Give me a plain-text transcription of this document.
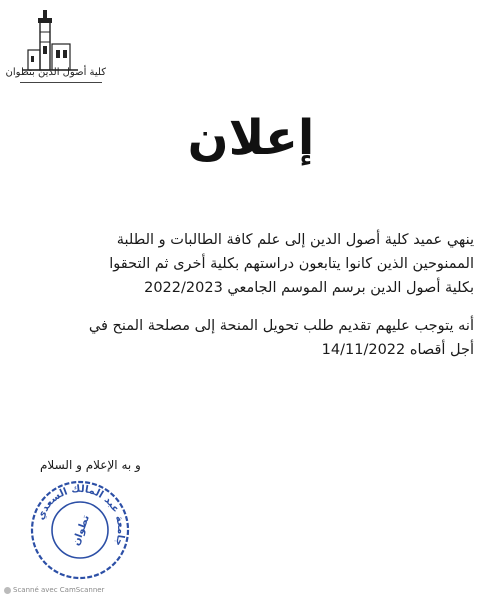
كلية أصول الدين بتطوان
إعلان
ينهي عميد كلية أصول الدين إلى علم كافة الطالبات و الطلبة
الممنوحين الذين كانوا يتابعون دراستهم بكلية أخرى ثم التحقوا
بكلية أصول الدين برسم الموسم الجامعي 2022/2023
أنه يتوجب عليهم تقديم طلب تحويل المنحة إلى مصلحة المنح في
أجل أقصاه 14/11/2022
و به الإعلام و السلام
جامعة عبد المالك السعدي
تطوان
Scanné avec CamScanner
